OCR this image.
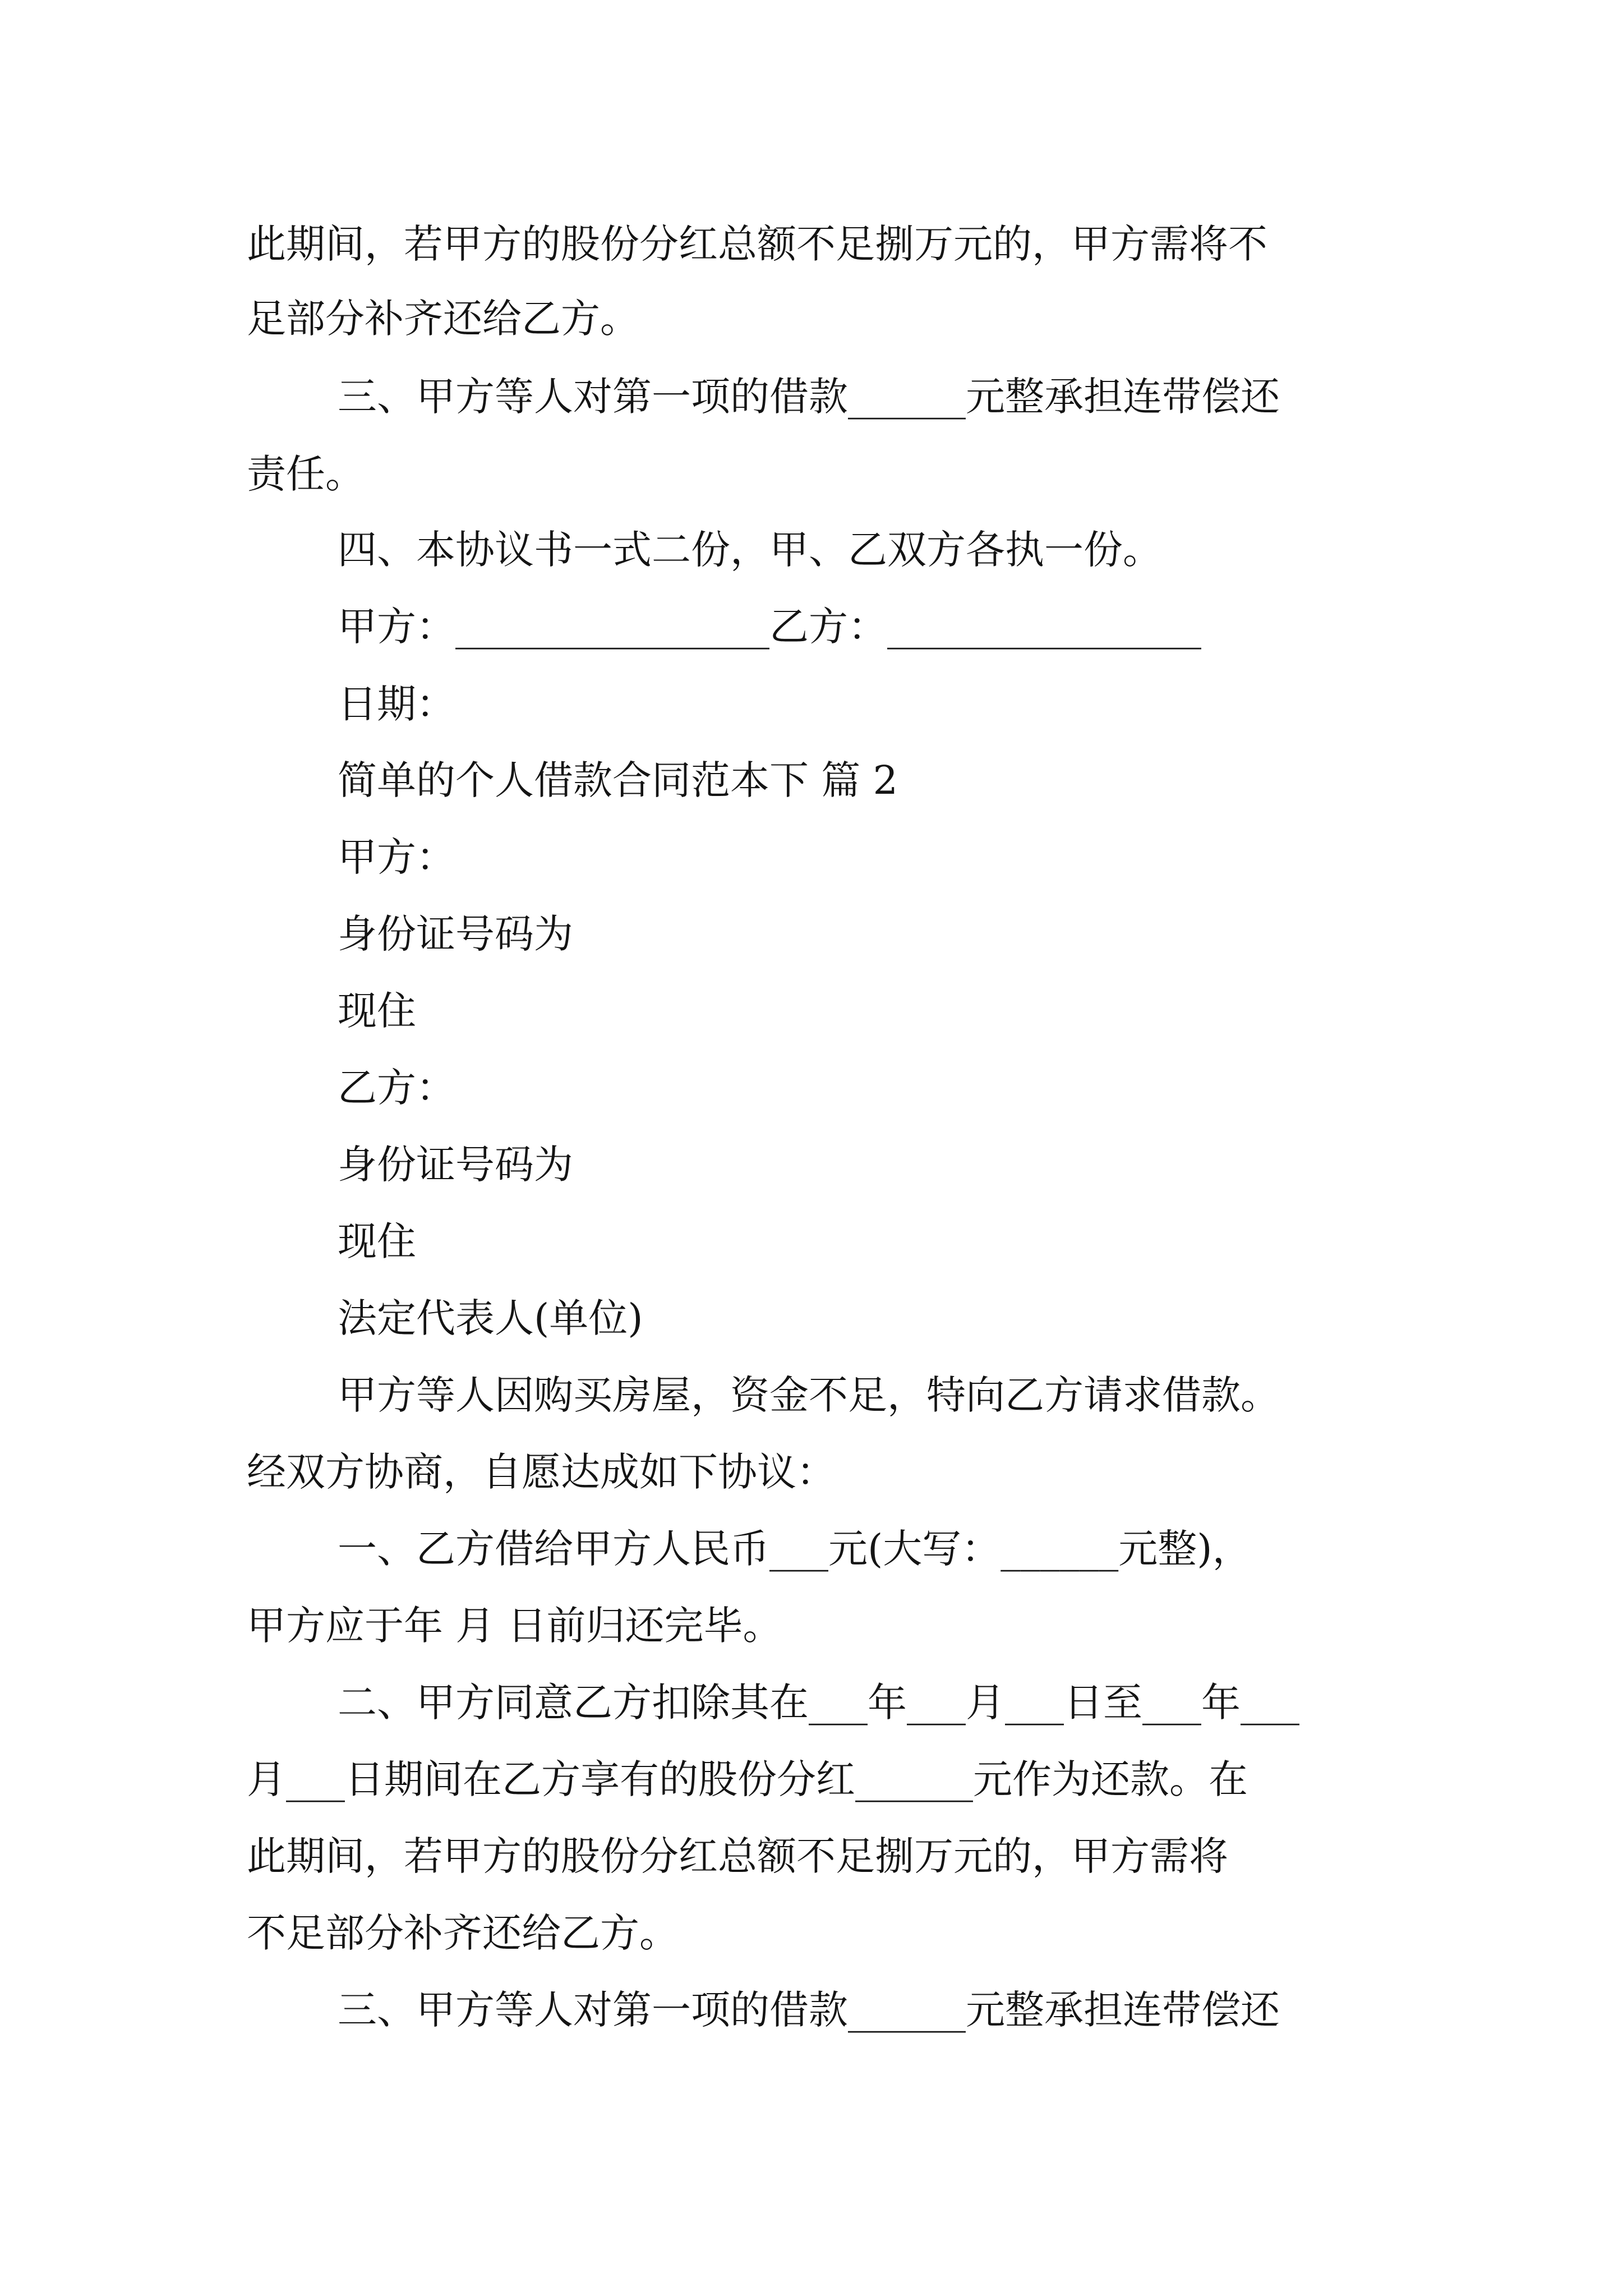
此期间，若甲方的股份分红总额不足捌万元的，甲方需将不

足部分补齐还给乙方。

三、甲方等人对第一项的借款______元整承担连带偿还

责任。

四、本协议书一式二份，甲、乙双方各执一份。

甲方：________________乙方：________________

日期：

简单的个人借款合同范本下 篇 2

甲方：

身份证号码为

现住

乙方：

身份证号码为

现住

法定代表人(单位)

甲方等人因购买房屋，资金不足，特向乙方请求借款。

经双方协商，自愿达成如下协议：

一、乙方借给甲方人民币___元(大写：______元整)，

甲方应于年 月 日前归还完毕。

二、甲方同意乙方扣除其在___年___月___日至___年___

月___日期间在乙方享有的股份分红______元作为还款。在

此期间，若甲方的股份分红总额不足捌万元的，甲方需将

不足部分补齐还给乙方。

三、甲方等人对第一项的借款______元整承担连带偿还
